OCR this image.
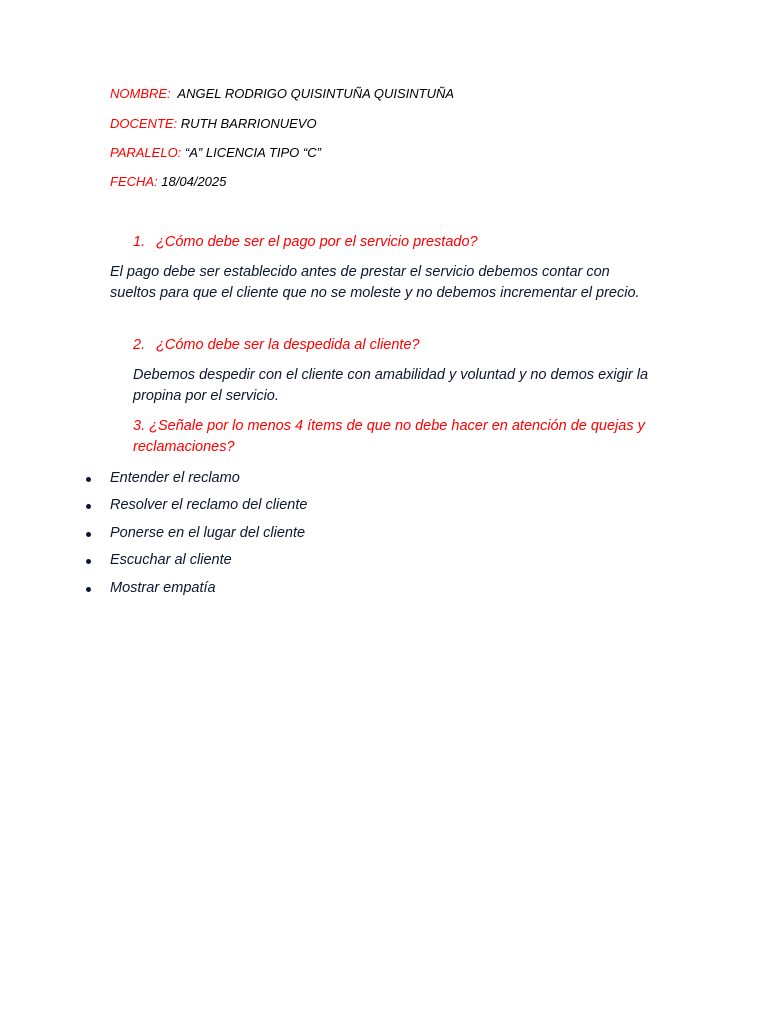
NOMBRE: ANGEL RODRIGO QUISINTUÑA QUISINTUÑA
DOCENTE: RUTH BARRIONUEVO
PARALELO: “A” LICENCIA TIPO “C”
FECHA: 18/04/2025
1. ¿Cómo debe ser el pago por el servicio prestado?
El pago debe ser establecido antes de prestar el servicio debemos contar con sueltos para que el cliente que no se moleste y no debemos incrementar el precio.
2. ¿Cómo debe ser la despedida al cliente?
Debemos despedir con el cliente con amabilidad y voluntad y no demos exigir la propina por el servicio.
3. ¿Señale por lo menos 4 ítems de que no debe hacer en atención de quejas y reclamaciones?
Entender el reclamo
Resolver el reclamo del cliente
Ponerse en el lugar del cliente
Escuchar al cliente
Mostrar empatía
